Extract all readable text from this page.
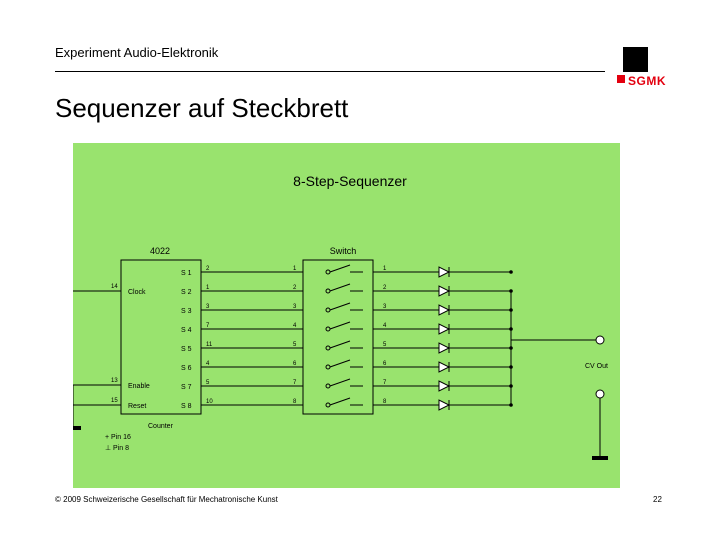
Experiment Audio-Elektronik
SGMK
Sequenzer auf Steckbrett
8-Step-Sequenzer
4022
Counter
Switch
Clock
14
Enable
13
Reset
15
+ Pin 16
⊥ Pin 8
CV Out
S 1
2	1	1
S 2
1	2	2
S 3
3	3	3
S 4
7	4	4
S 5
11	5	5
S 6
4	6	6
S 7
5	7	7
S 8
10	8	8
© 2009 Schweizerische Gesellschaft für Mechatronische Kunst	22
